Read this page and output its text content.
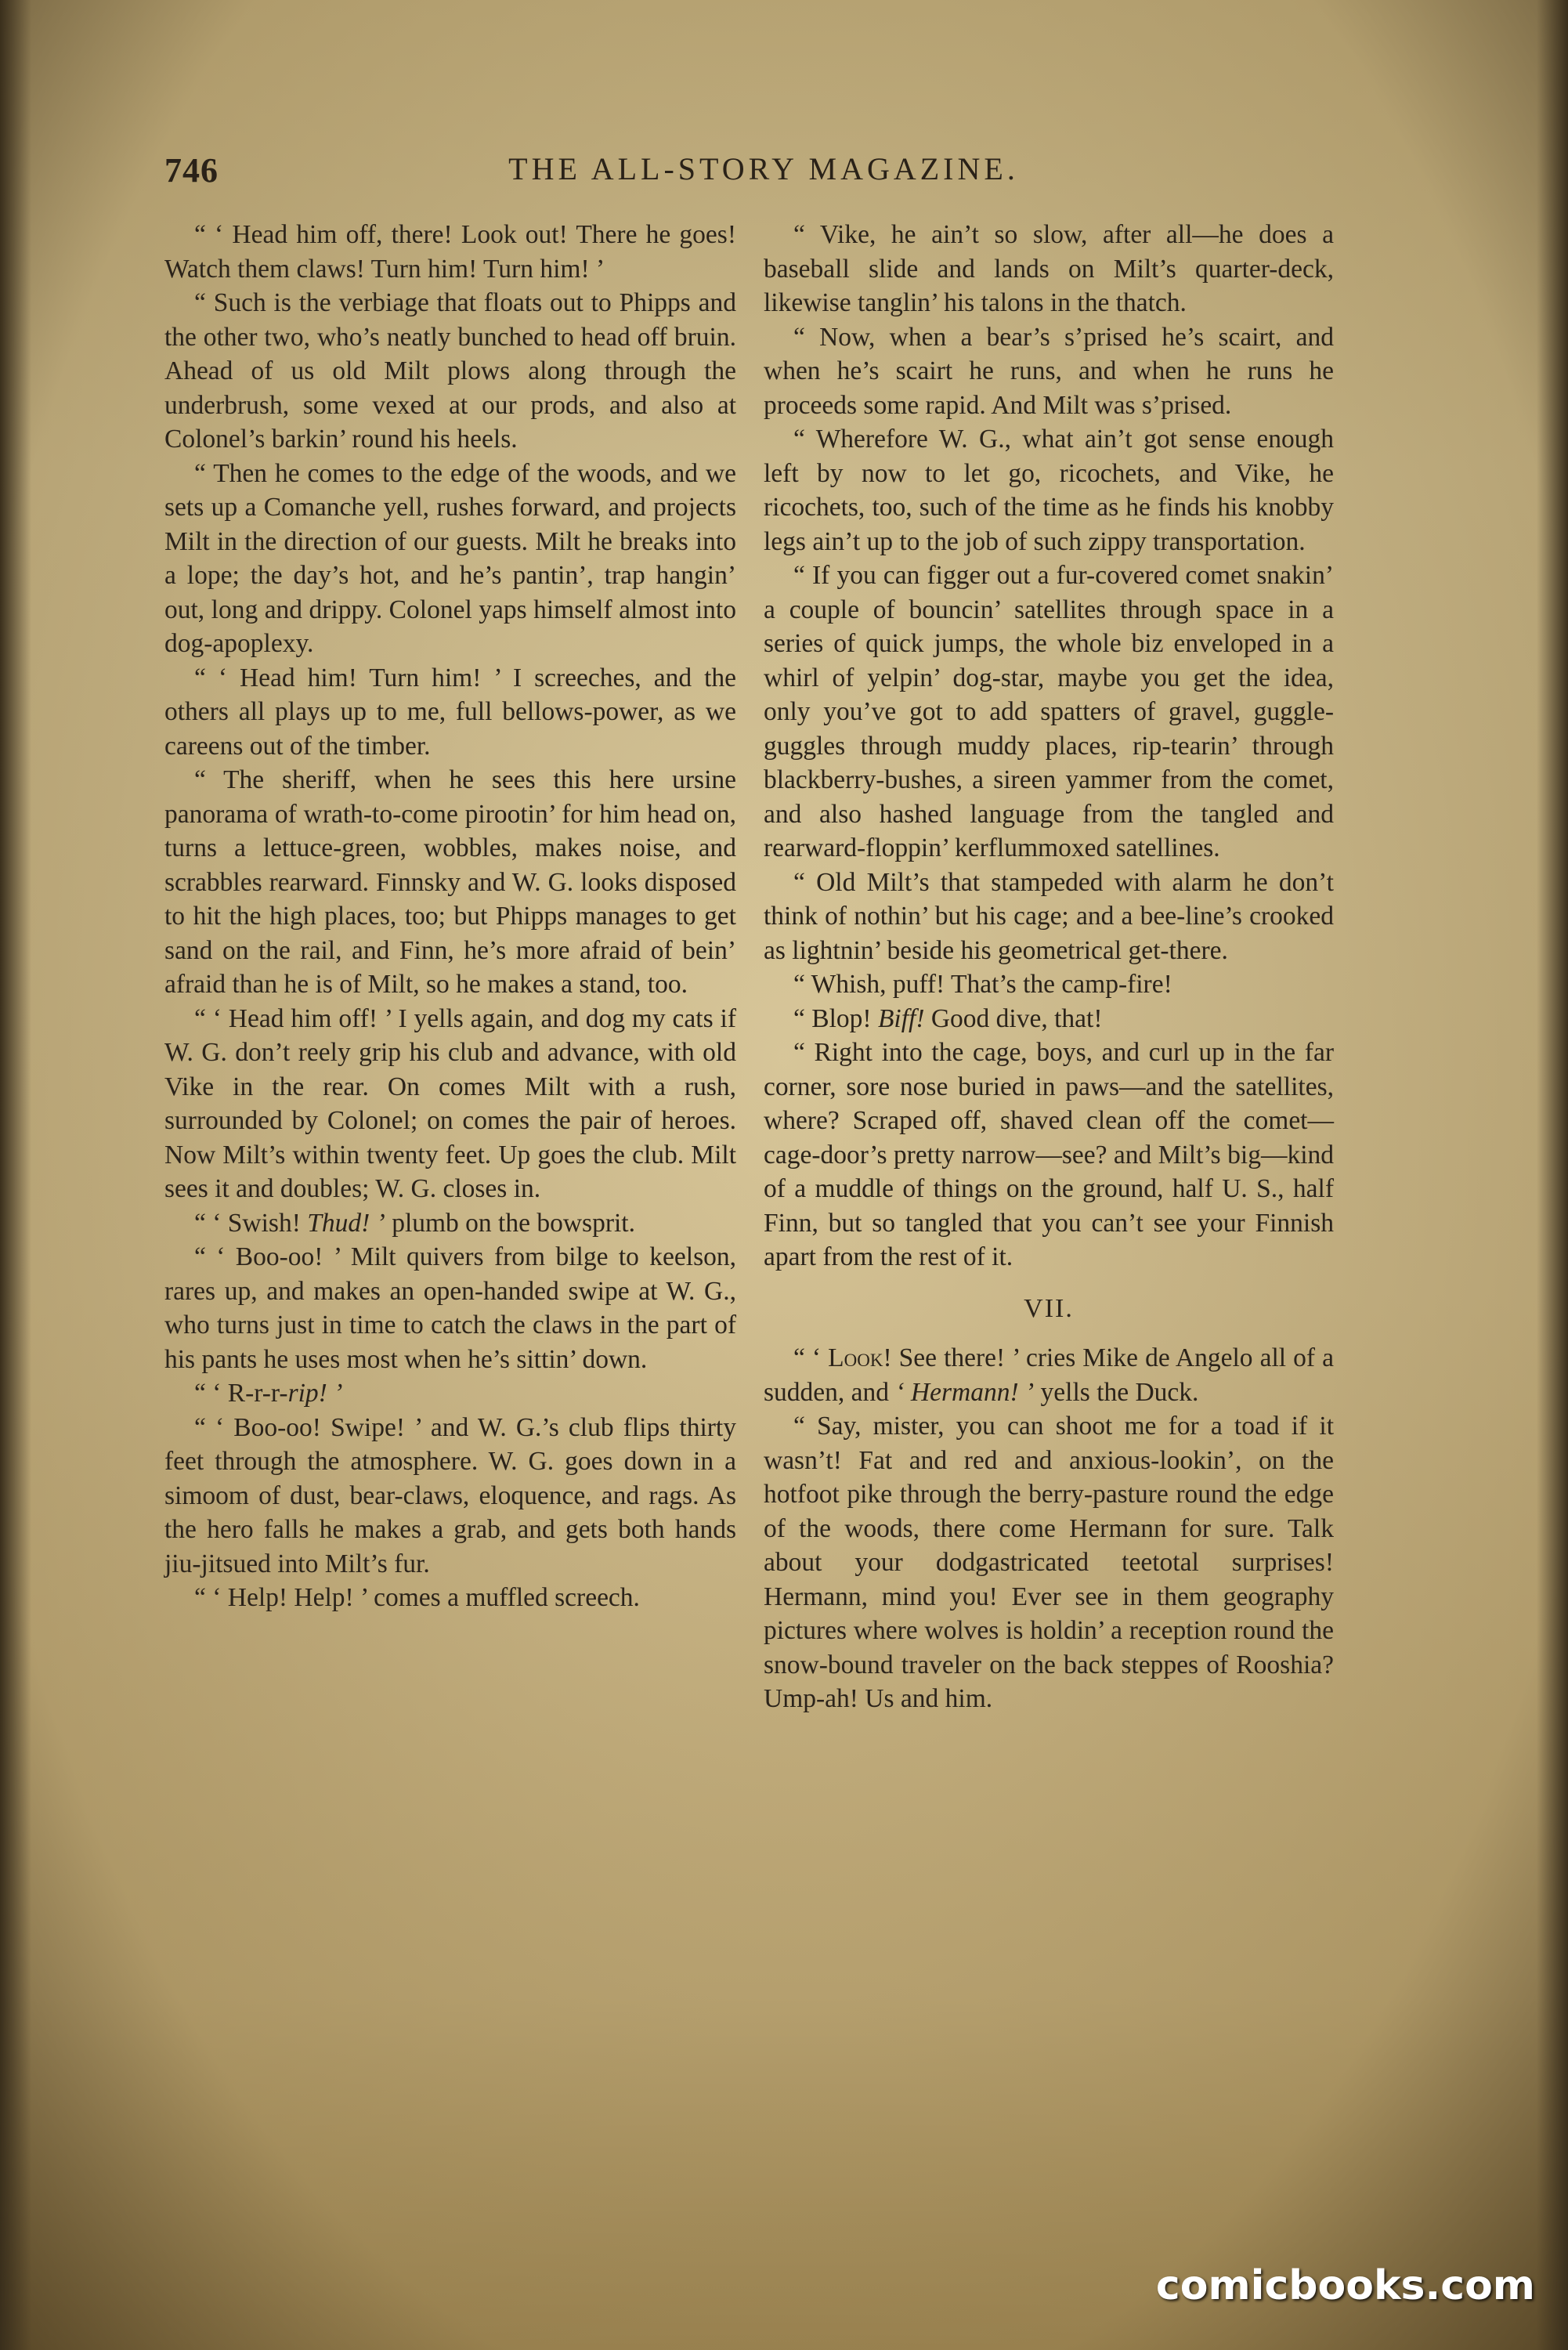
746	THE ALL-STORY MAGAZINE.

“ ‘ Head him off, there! Look out! There he goes! Watch them claws! Turn him! Turn him! ’

“ Such is the verbiage that floats out to Phipps and the other two, who’s neatly bunched to head off bruin. Ahead of us old Milt plows along through the underbrush, some vexed at our prods, and also at Colonel’s barkin’ round his heels.

“ Then he comes to the edge of the woods, and we sets up a Comanche yell, rushes forward, and projects Milt in the direction of our guests. Milt he breaks into a lope; the day’s hot, and he’s pantin’, trap hangin’ out, long and drippy. Colonel yaps himself almost into dog-apoplexy.

“ ‘ Head him! Turn him! ’ I screeches, and the others all plays up to me, full bellows-power, as we careens out of the timber.

“ The sheriff, when he sees this here ursine panorama of wrath-to-come pirootin’ for him head on, turns a lettuce-green, wobbles, makes noise, and scrabbles rearward. Finnsky and W. G. looks disposed to hit the high places, too; but Phipps manages to get sand on the rail, and Finn, he’s more afraid of bein’ afraid than he is of Milt, so he makes a stand, too.

“ ‘ Head him off! ’ I yells again, and dog my cats if W. G. don’t reely grip his club and advance, with old Vike in the rear. On comes Milt with a rush, surrounded by Colonel; on comes the pair of heroes. Now Milt’s within twenty feet. Up goes the club. Milt sees it and doubles; W. G. closes in.

“ ‘ Swish! Thud! ’ plumb on the bowsprit.

“ ‘ Boo-oo! ’ Milt quivers from bilge to keelson, rares up, and makes an open-handed swipe at W. G., who turns just in time to catch the claws in the part of his pants he uses most when he’s sittin’ down.

“ ‘ R-r-r-rip! ’

“ ‘ Boo-oo! Swipe! ’ and W. G.’s club flips thirty feet through the atmosphere. W. G. goes down in a simoom of dust, bear-claws, eloquence, and rags. As the hero falls he makes a grab, and gets both hands jiu-jitsued into Milt’s fur.

“ ‘ Help! Help! ’ comes a muffled screech.

“ Vike, he ain’t so slow, after all—he does a baseball slide and lands on Milt’s quarter-deck, likewise tanglin’ his talons in the thatch.

“ Now, when a bear’s s’prised he’s scairt, and when he’s scairt he runs, and when he runs he proceeds some rapid. And Milt was s’prised.

“ Wherefore W. G., what ain’t got sense enough left by now to let go, ricochets, and Vike, he ricochets, too, such of the time as he finds his knobby legs ain’t up to the job of such zippy transportation.

“ If you can figger out a fur-covered comet snakin’ a couple of bouncin’ satellites through space in a series of quick jumps, the whole biz enveloped in a whirl of yelpin’ dog-star, maybe you get the idea, only you’ve got to add spatters of gravel, guggle-guggles through muddy places, rip-tearin’ through blackberry-bushes, a sireen yammer from the comet, and also hashed language from the tangled and rearward-floppin’ kerflummoxed satellines.

“ Old Milt’s that stampeded with alarm he don’t think of nothin’ but his cage; and a bee-line’s crooked as lightnin’ beside his geometrical get-there.

“ Whish, puff! That’s the camp-fire!

“ Blop! Biff! Good dive, that!

“ Right into the cage, boys, and curl up in the far corner, sore nose buried in paws—and the satellites, where? Scraped off, shaved clean off the comet—cage-door’s pretty narrow—see? and Milt’s big—kind of a muddle of things on the ground, half U. S., half Finn, but so tangled that you can’t see your Finnish apart from the rest of it.

VII.

“ ‘ Look! See there! ’ cries Mike de Angelo all of a sudden, and ‘ Hermann! ’ yells the Duck.

“ Say, mister, you can shoot me for a toad if it wasn’t! Fat and red and anxious-lookin’, on the hotfoot pike through the berry-pasture round the edge of the woods, there come Hermann for sure. Talk about your dodgastricated teetotal surprises! Hermann, mind you! Ever see in them geography pictures where wolves is holdin’ a reception round the snow-bound traveler on the back steppes of Rooshia? Ump-ah! Us and him.

comicbooks.com
